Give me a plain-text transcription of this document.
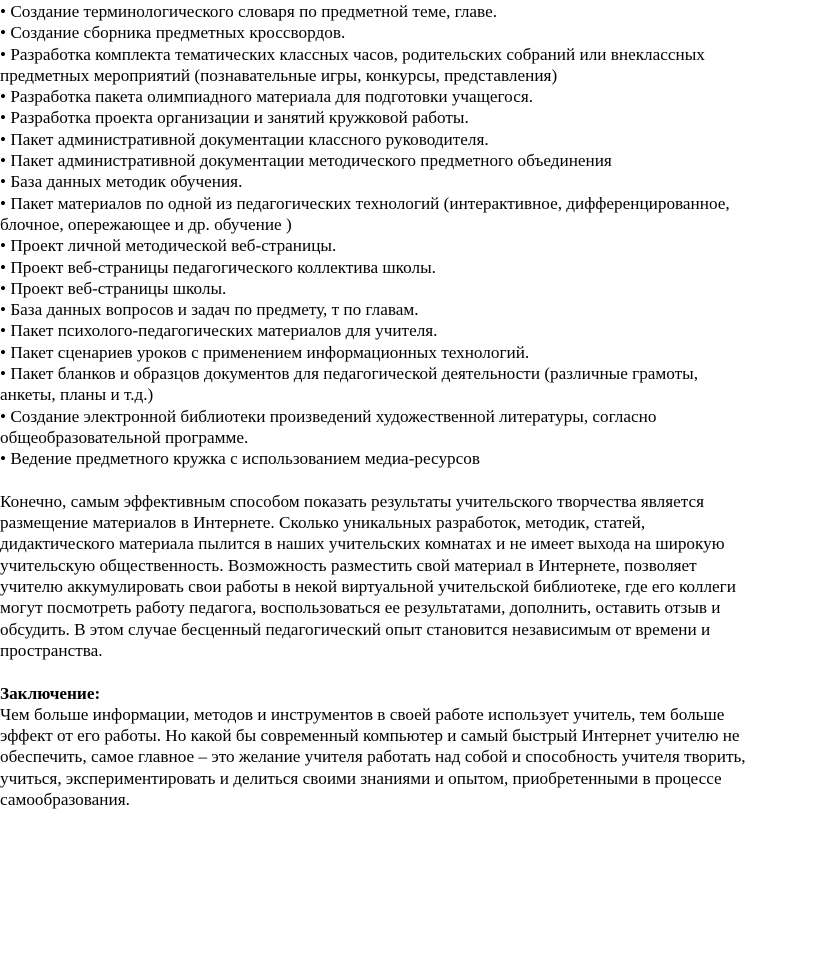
• Создание терминологического словаря по предметной теме, главе.
• Создание сборника предметных кроссвордов.
• Разработка комплекта тематических классных часов, родительских собраний или внеклассных
предметных мероприятий (познавательные игры, конкурсы, представления)
• Разработка пакета олимпиадного материала для подготовки учащегося.
• Разработка проекта организации и занятий кружковой работы.
• Пакет административной документации классного руководителя.
• Пакет административной документации методического предметного объединения
• База данных методик обучения.
• Пакет материалов по одной из педагогических технологий (интерактивное, дифференцированное,
блочное, опережающее и др. обучение )
• Проект личной методической веб-страницы.
• Проект веб-страницы педагогического коллектива школы.
• Проект веб-страницы школы.
• База данных вопросов и задач по предмету, т по главам.
• Пакет психолого-педагогических материалов для учителя.
• Пакет сценариев уроков с применением информационных технологий.
• Пакет бланков и образцов документов для педагогической деятельности (различные грамоты,
анкеты, планы и т.д.)
• Создание электронной библиотеки произведений художественной литературы, согласно
общеобразовательной программе.
• Ведение предметного кружка с использованием медиа-ресурсов
Конечно, самым эффективным способом показать результаты учительского творчества является
размещение материалов в Интернете. Сколько уникальных разработок, методик, статей,
дидактического материала пылится в наших учительских комнатах и не имеет выхода на широкую
учительскую общественность. Возможность разместить свой материал в Интернете, позволяет
учителю аккумулировать свои работы в некой виртуальной учительской библиотеке, где его коллеги
могут посмотреть работу педагога, воспользоваться ее результатами, дополнить, оставить отзыв и
обсудить. В этом случае бесценный педагогический опыт становится независимым от времени и
пространства.
Заключение:
Чем больше информации, методов и инструментов в своей работе использует учитель, тем больше
эффект от его работы. Но какой бы современный компьютер и самый быстрый Интернет учителю не
обеспечить, самое главное – это желание учителя работать над собой и способность учителя творить,
учиться, экспериментировать и делиться своими знаниями и опытом, приобретенными в процессе
самообразования.
